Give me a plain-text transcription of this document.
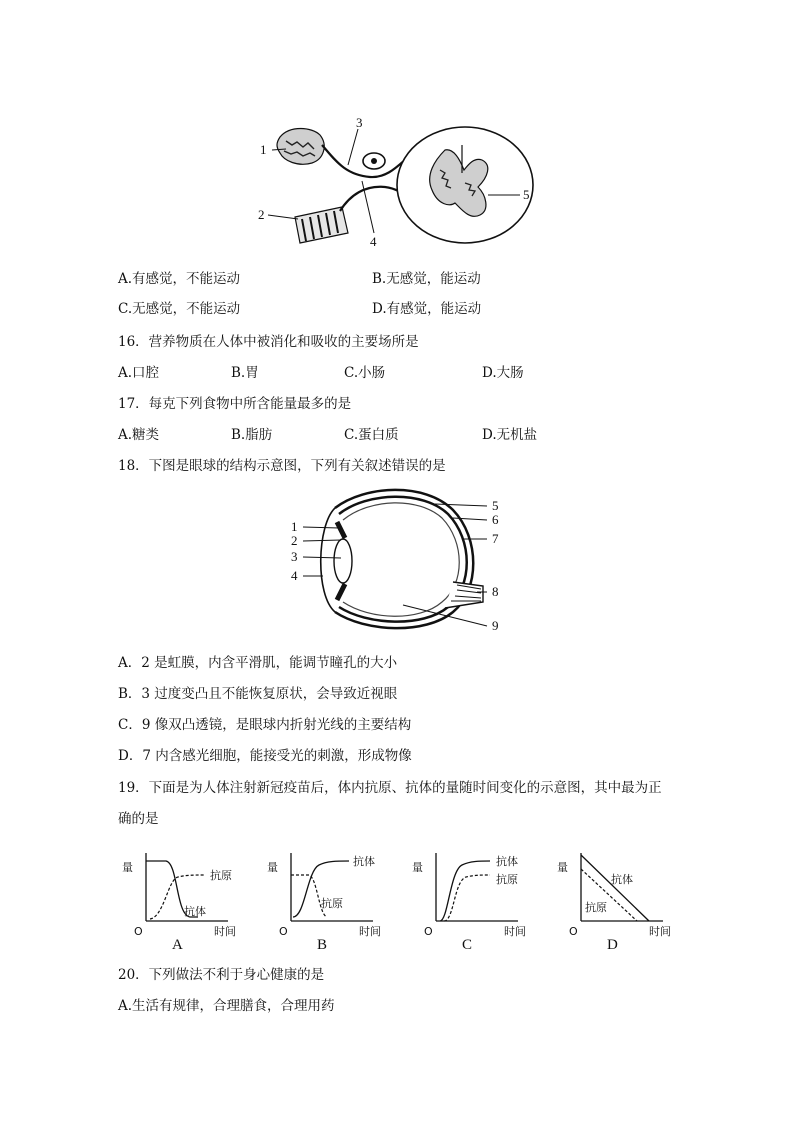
1
2
3
4
5
A.有感觉，不能运动	B.无感觉，能运动
C.无感觉，不能运动	D.有感觉，能运动
16．营养物质在人体中被消化和吸收的主要场所是
A.口腔	B.胃	C.小肠	D.大肠
17．每克下列食物中所含能量最多的是
A.糖类	B.脂肪	C.蛋白质	D.无机盐
18．下图是眼球的结构示意图，下列有关叙述错误的是
1
2
3
4
5
6
7
8
9
A．2 是虹膜，内含平滑肌，能调节瞳孔的大小
B．3 过度变凸且不能恢复原状，会导致近视眼
C．9 像双凸透镜，是眼球内折射光线的主要结构
D．7 内含感光细胞，能接受光的刺激，形成物像
19．下面是为人体注射新冠疫苗后，体内抗原、抗体的量随时间变化的示意图，其中最为正
确的是
量
O	时间
抗原
抗体
A
量
O	时间
抗体
抗原
B
量
O	时间
抗体
抗原
C
量
O	时间
抗体
抗原
D
20．下列做法不利于身心健康的是
A.生活有规律，合理膳食，合理用药
